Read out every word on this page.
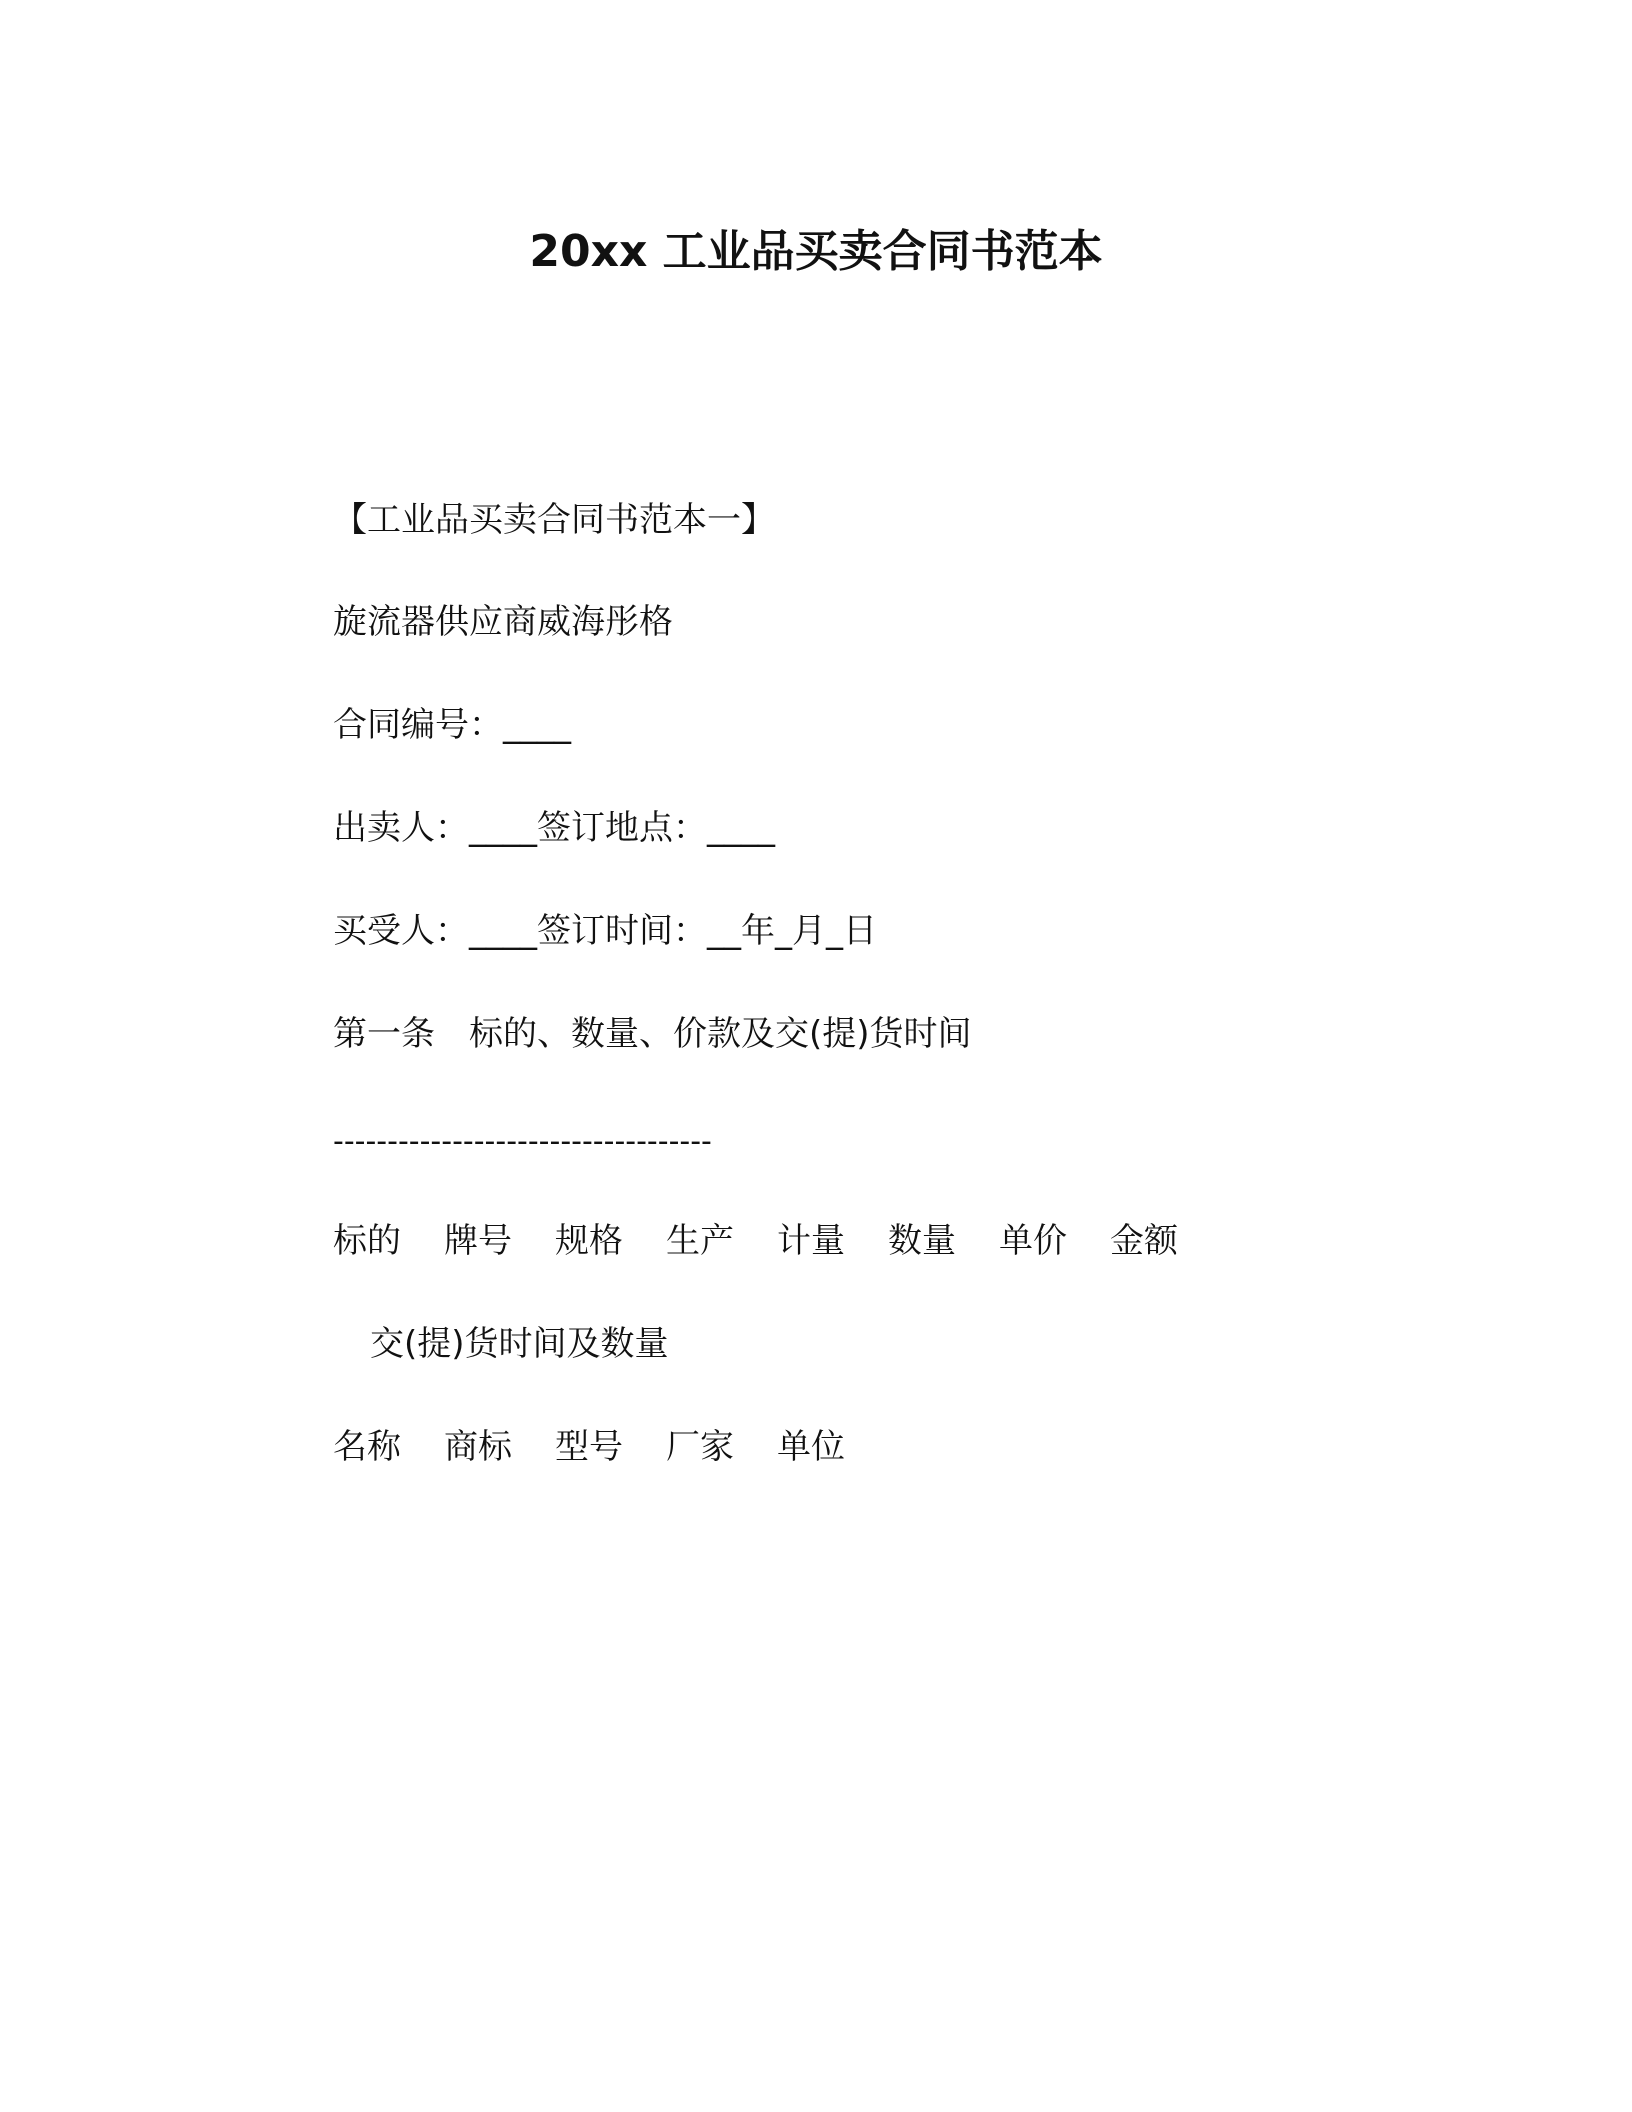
20xx 工业品买卖合同书范本
【工业品买卖合同书范本一】
旋流器供应商威海彤格
合同编号：____
出卖人：____签订地点：____
买受人：____签订时间：__年_月_日
第一条　标的、数量、价款及交(提)货时间
-----------------------------------
标的 牌号 规格 生产 计量 数量 单价 金额
交(提)货时间及数量
名称 商标 型号 厂家 单位
